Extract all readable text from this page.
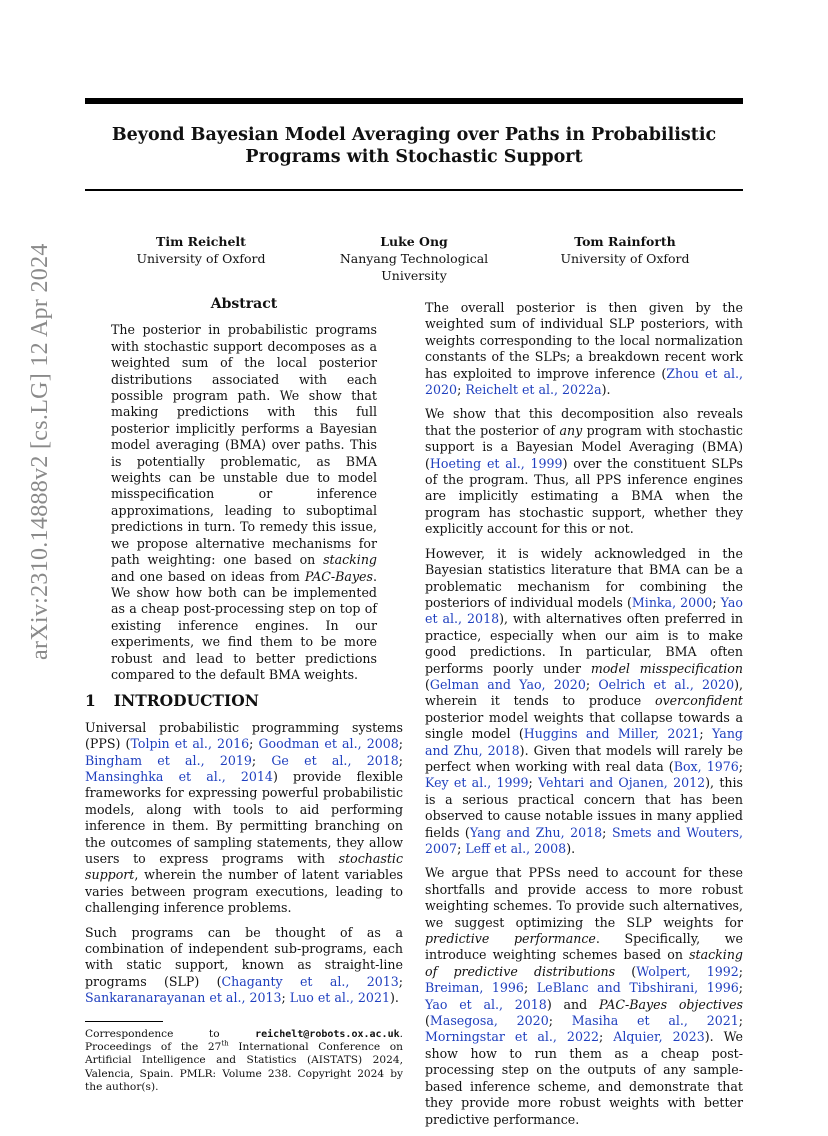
arXiv:2310.14888v2 [cs.LG] 12 Apr 2024
Beyond Bayesian Model Averaging over Paths in Probabilistic
Programs with Stochastic Support
Tim Reichelt
University of Oxford
Luke Ong
Nanyang Technological University
Tom Rainforth
University of Oxford
Abstract

The posterior in probabilistic programs with stochastic support decomposes as a weighted sum of the local posterior distributions associated with each possible program path. We show that making predictions with this full posterior implicitly performs a Bayesian model averaging (BMA) over paths. This is potentially problematic, as BMA weights can be unstable due to model misspecification or inference approximations, leading to suboptimal predictions in turn. To remedy this issue, we propose alternative mechanisms for path weighting: one based on stacking and one based on ideas from PAC-Bayes. We show how both can be implemented as a cheap post-processing step on top of existing inference engines. In our experiments, we find them to be more robust and lead to better predictions compared to the default BMA weights.

1 INTRODUCTION

Universal probabilistic programming systems (PPS) (Tolpin et al., 2016; Goodman et al., 2008; Bingham et al., 2019; Ge et al., 2018; Mansinghka et al., 2014) provide flexible frameworks for expressing powerful probabilistic models, along with tools to aid performing inference in them. By permitting branching on the outcomes of sampling statements, they allow users to express programs with stochastic support, wherein the number of latent variables varies between program executions, leading to challenging inference problems.

Such programs can be thought of as a combination of independent sub-programs, each with static support, known as straight-line programs (SLP) (Chaganty et al., 2013; Sankaranarayanan et al., 2013; Luo et al., 2021).

Correspondence to reichelt@robots.ox.ac.uk. Proceedings of the 27th International Conference on Artificial Intelligence and Statistics (AISTATS) 2024, Valencia, Spain. PMLR: Volume 238. Copyright 2024 by the author(s).

The overall posterior is then given by the weighted sum of individual SLP posteriors, with weights corresponding to the local normalization constants of the SLPs; a breakdown recent work has exploited to improve inference (Zhou et al., 2020; Reichelt et al., 2022a).

We show that this decomposition also reveals that the posterior of any program with stochastic support is a Bayesian Model Averaging (BMA) (Hoeting et al., 1999) over the constituent SLPs of the program. Thus, all PPS inference engines are implicitly estimating a BMA when the program has stochastic support, whether they explicitly account for this or not.

However, it is widely acknowledged in the Bayesian statistics literature that BMA can be a problematic mechanism for combining the posteriors of individual models (Minka, 2000; Yao et al., 2018), with alternatives often preferred in practice, especially when our aim is to make good predictions. In particular, BMA often performs poorly under model misspecification (Gelman and Yao, 2020; Oelrich et al., 2020), wherein it tends to produce overconfident posterior model weights that collapse towards a single model (Huggins and Miller, 2021; Yang and Zhu, 2018). Given that models will rarely be perfect when working with real data (Box, 1976; Key et al., 1999; Vehtari and Ojanen, 2012), this is a serious practical concern that has been observed to cause notable issues in many applied fields (Yang and Zhu, 2018; Smets and Wouters, 2007; Leff et al., 2008).

We argue that PPSs need to account for these shortfalls and provide access to more robust weighting schemes. To provide such alternatives, we suggest optimizing the SLP weights for predictive performance. Specifically, we introduce weighting schemes based on stacking of predictive distributions (Wolpert, 1992; Breiman, 1996; LeBlanc and Tibshirani, 1996; Yao et al., 2018) and PAC-Bayes objectives (Masegosa, 2020; Masiha et al., 2021; Morningstar et al., 2022; Alquier, 2023). We show how to run them as a cheap post-processing step on the outputs of any sample-based inference scheme, and demonstrate that they provide more robust weights with better predictive performance.
